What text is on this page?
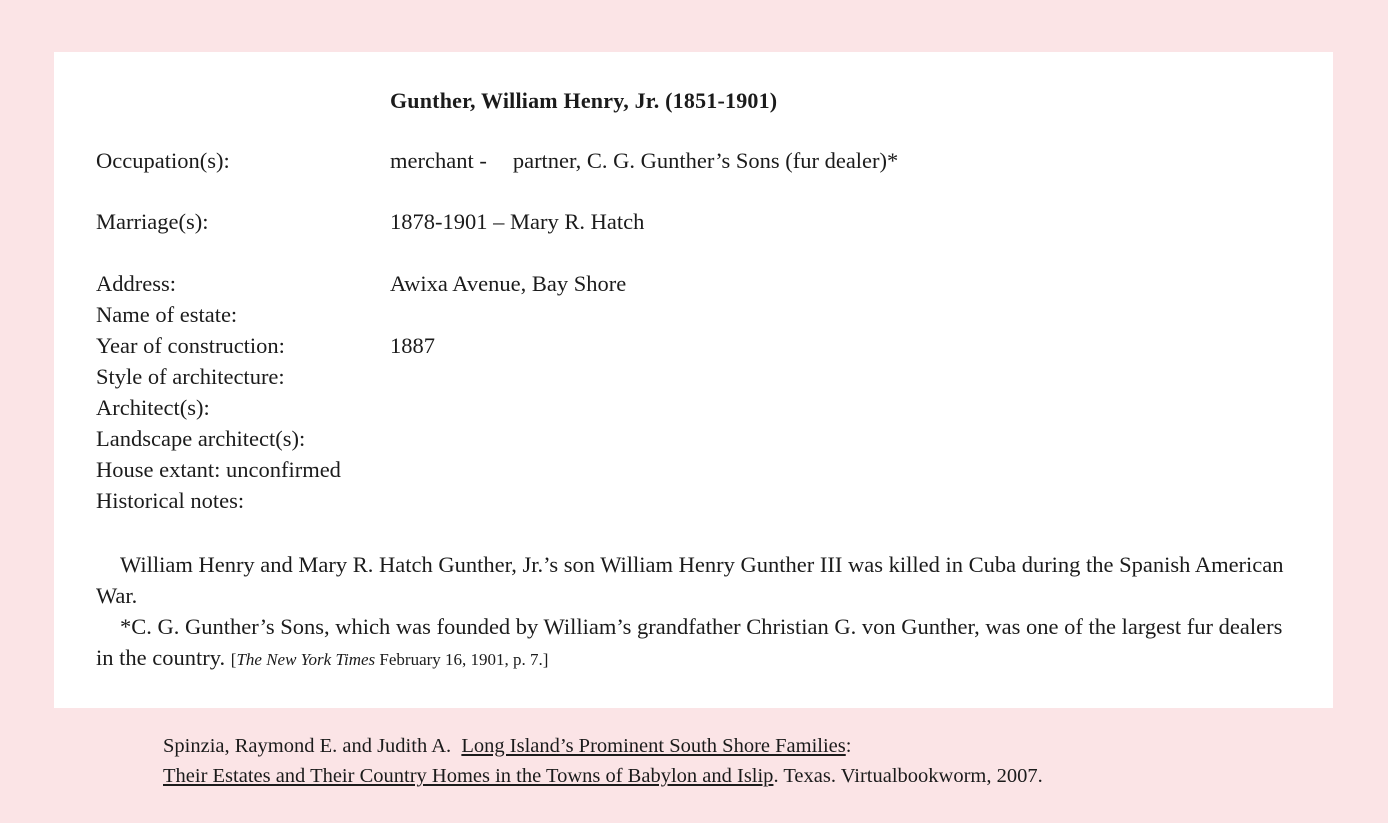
Gunther, William Henry, Jr. (1851-1901)
Occupation(s):	merchant - partner, C. G. Gunther’s Sons (fur dealer)*
Marriage(s):	1878-1901 – Mary R. Hatch
Address:	Awixa Avenue, Bay Shore
Name of estate:
Year of construction:	1887
Style of architecture:
Architect(s):
Landscape architect(s):
House extant: unconfirmed
Historical notes:

William Henry and Mary R. Hatch Gunther, Jr.’s son William Henry Gunther III was killed in Cuba during the Spanish American War.

*C. G. Gunther’s Sons, which was founded by William’s grandfather Christian G. von Gunther, was one of the largest fur dealers in the country. [The New York Times February 16, 1901, p. 7.]

Spinzia, Raymond E. and Judith A. Long Island’s Prominent South Shore Families:
Their Estates and Their Country Homes in the Towns of Babylon and Islip. Texas. Virtualbookworm, 2007.
